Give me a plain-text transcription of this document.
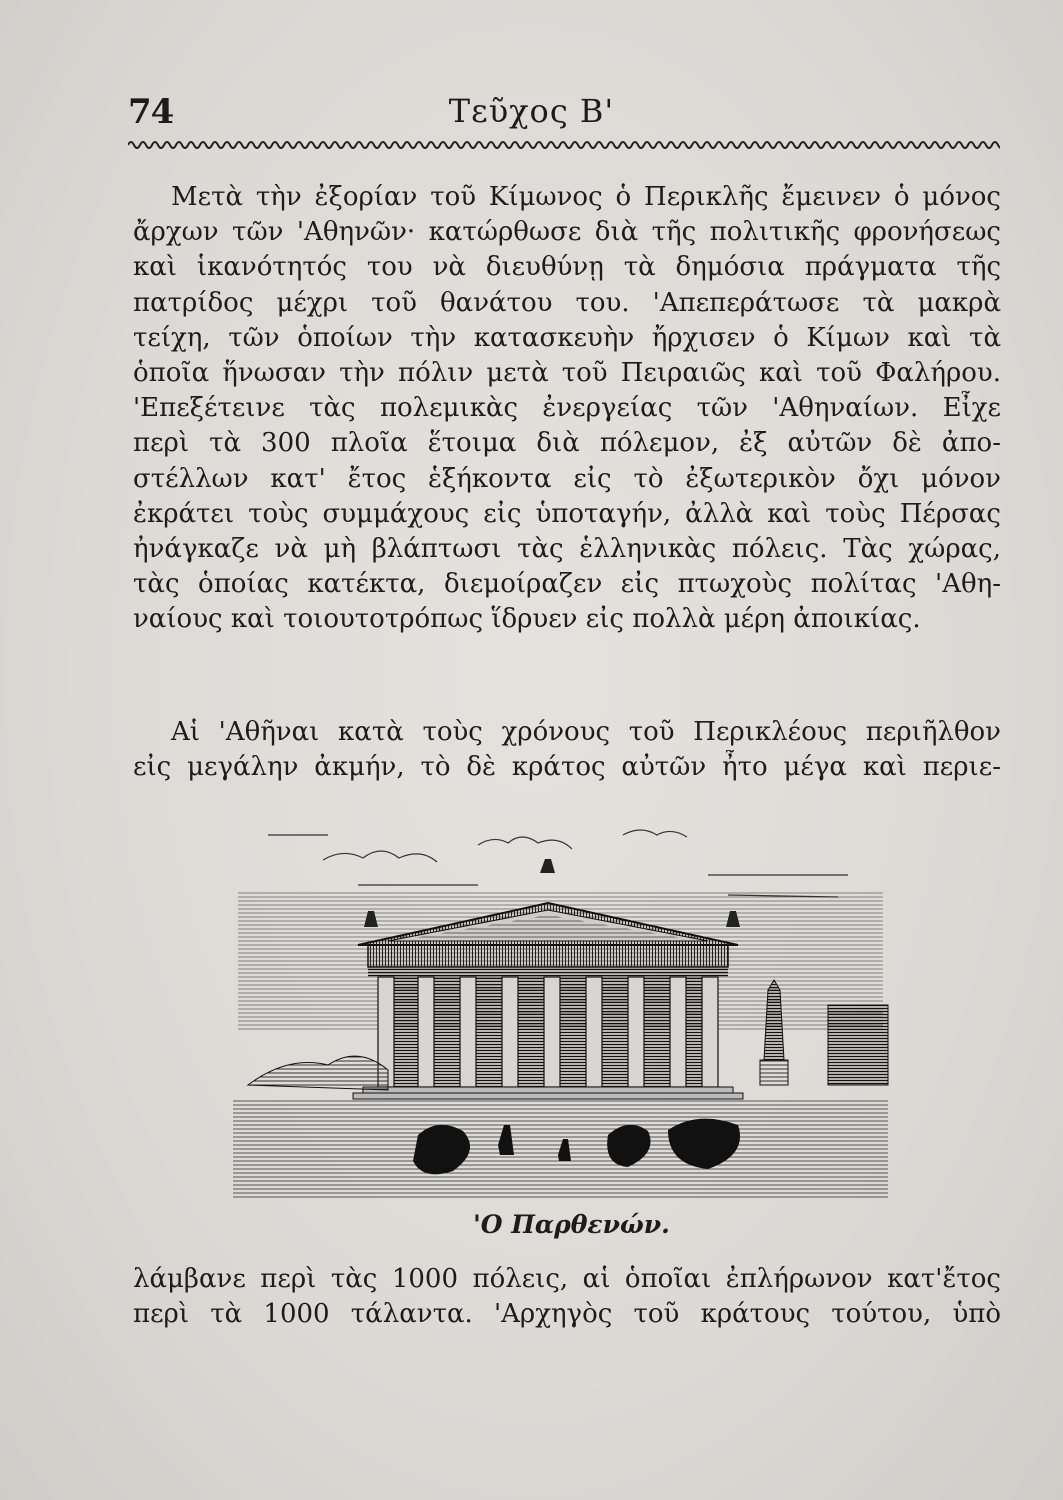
74	Τεῦχος Β'
Μετὰ τὴν ἐξορίαν τοῦ Κίμωνος ὁ Περικλῆς ἔμεινεν ὁ μόνος
ἄρχων τῶν 'Αθηνῶν· κατώρθωσε διὰ τῆς πολιτικῆς φρονήσεως
καὶ ἱκανότητός του νὰ διευθύνῃ τὰ δημόσια πράγματα τῆς
πατρίδος μέχρι τοῦ θανάτου του. 'Απεπεράτωσε τὰ μακρὰ
τείχη, τῶν ὁποίων τὴν κατασκευὴν ἤρχισεν ὁ Κίμων καὶ τὰ
ὁποῖα ἥνωσαν τὴν πόλιν μετὰ τοῦ Πειραιῶς καὶ τοῦ Φαλήρου.
'Επεξέτεινε τὰς πολεμικὰς ἐνεργείας τῶν 'Αθηναίων. Εἶχε
περὶ τὰ 300 πλοῖα ἕτοιμα διὰ πόλεμον, ἐξ αὐτῶν δὲ ἀπο-
στέλλων κατ' ἔτος ἑξήκοντα εἰς τὸ ἐξωτερικὸν ὄχι μόνον
ἐκράτει τοὺς συμμάχους εἰς ὑποταγήν, ἀλλὰ καὶ τοὺς Πέρσας
ἠνάγκαζε νὰ μὴ βλάπτωσι τὰς ἑλληνικὰς πόλεις. Τὰς χώρας,
τὰς ὁποίας κατέκτα, διεμοίραζεν εἰς πτωχοὺς πολίτας 'Αθη-
ναίους καὶ τοιουτοτρόπως ἵδρυεν εἰς πολλὰ μέρη ἀποικίας.
Αἱ 'Αθῆναι κατὰ τοὺς χρόνους τοῦ Περικλέους περιῆλθον
εἰς μεγάλην ἀκμήν, τὸ δὲ κράτος αὐτῶν ἦτο μέγα καὶ περιε-
'Ο Παρθενών.
λάμβανε περὶ τὰς 1000 πόλεις, αἱ ὁποῖαι ἐπλήρωνον κατ'ἔτος
περὶ τὰ 1000 τάλαντα. 'Αρχηγὸς τοῦ κράτους τούτου, ὑπὸ
